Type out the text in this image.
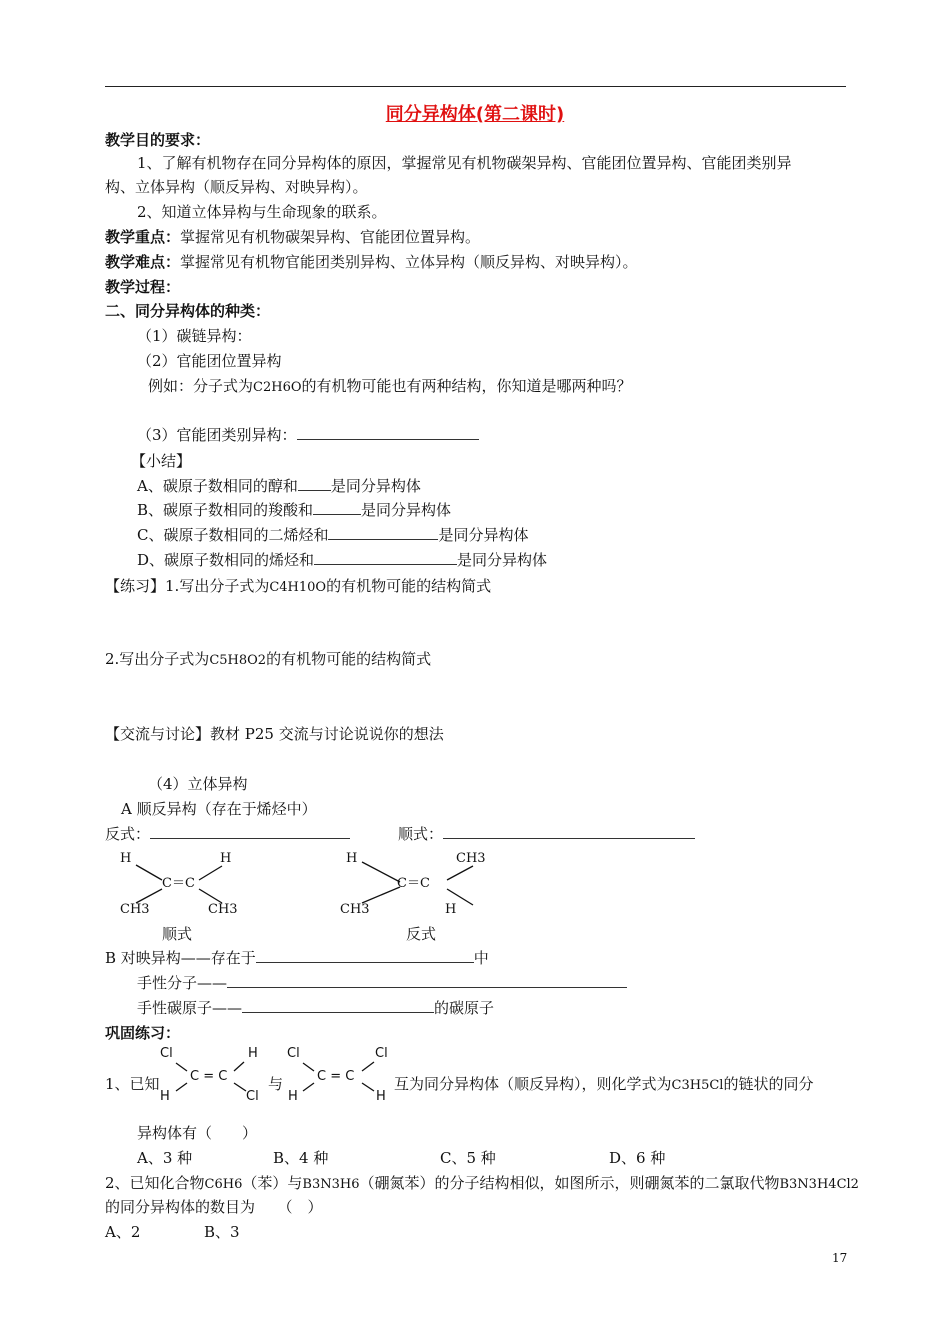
同分异构体(第二课时)
教学目的要求：
1、了解有机物存在同分异构体的原因，掌握常见有机物碳架异构、官能团位置异构、官能团类别异
构、立体异构（顺反异构、对映异构）。
2、知道立体异构与生命现象的联系。
教学重点：掌握常见有机物碳架异构、官能团位置异构。
教学难点：掌握常见有机物官能团类别异构、立体异构（顺反异构、对映异构）。
教学过程：
二、同分异构体的种类：
（1）碳链异构：
（2）官能团位置异构
例如：分子式为C2H6O的有机物可能也有两种结构，你知道是哪两种吗？
（3）官能团类别异构：
【小结】
A、碳原子数相同的醇和 是同分异构体
B、碳原子数相同的羧酸和	是同分异构体
C、碳原子数相同的二烯烃和	是同分异构体
D、碳原子数相同的烯烃和	是同分异构体
【练习】1.写出分子式为C4H10O的有机物可能的结构简式
2.写出分子式为C5H8O2的有机物可能的结构简式
【交流与讨论】教材 P25 交流与讨论说说你的想法
（4）立体异构
A 顺反异构（存在于烯烃中）
反式：	顺式：
H	H
C＝C
CH3	CH3
顺式
H	CH3
C＝C
CH3	H
反式
B 对映异构——存在于	中
手性分子——
手性碳原子——	的碳原子
巩固练习：
Cl	H
C = C
H	Cl
Cl	Cl
C = C
H	H
1、已知	与	互为同分异构体（顺反异构），则化学式为C3H5Cl的链状的同分
异构体有（　　）
A、3 种	B、4 种	C、5 种	D、6 种
2、已知化合物C6H6（苯）与B3N3H6（硼氮苯）的分子结构相似，如图所示，则硼氮苯的二氯取代物B3N3H4Cl2
的同分异构体的数目为　　（　）
A、2	B、3
17
